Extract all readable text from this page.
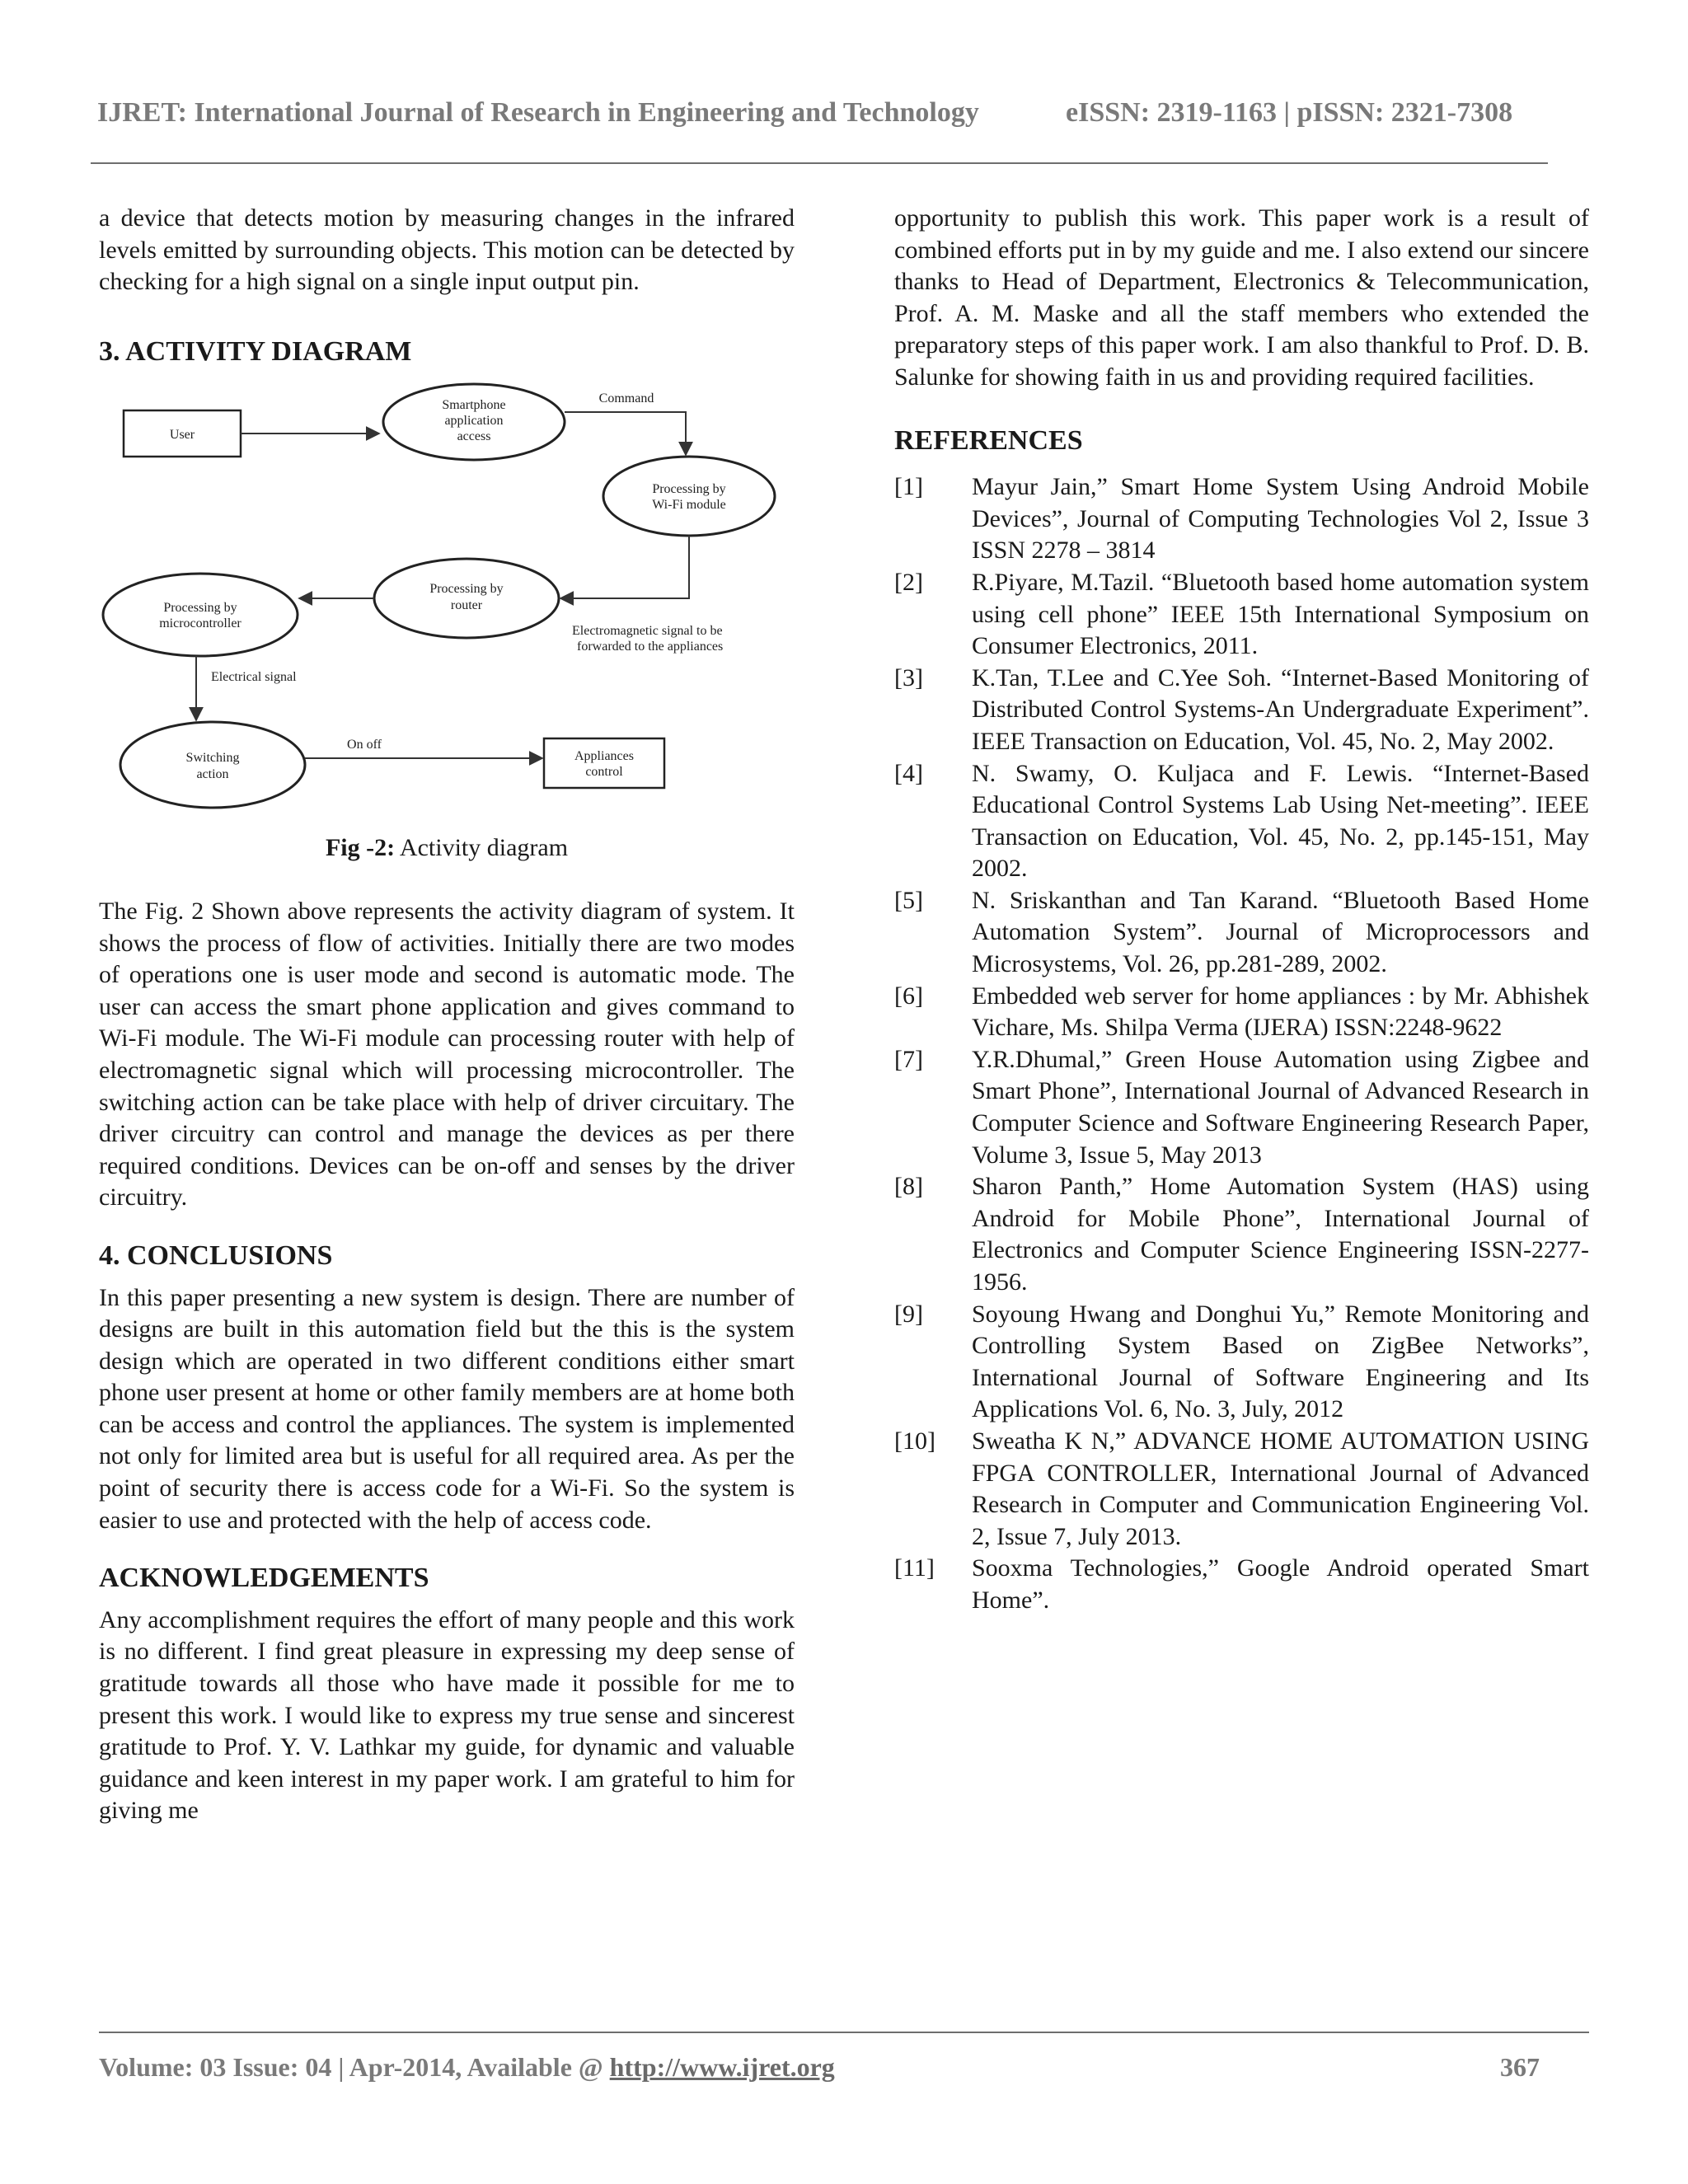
IJRET: International Journal of Research in Engineering and Technology	eISSN: 2319-1163 | pISSN: 2321-7308

a device that detects motion by measuring changes in the infrared levels emitted by surrounding objects. This motion can be detected by checking for a high signal on a single input output pin.

3. ACTIVITY DIAGRAM
User
Smartphone
application
access
Processing by
Wi-Fi module
Processing by
router
Processing by
microcontroller
Switching
action
Appliances
control
Command
Electromagnetic signal to be
forwarded to the appliances
Electrical signal
On off
Fig -2: Activity diagram

The Fig. 2 Shown above represents the activity diagram of system. It shows the process of flow of activities. Initially there are two modes of operations one is user mode and second is automatic mode. The user can access the smart phone application and gives command to Wi-Fi module. The Wi-Fi module can processing router with help of electromagnetic signal which will processing microcontroller. The switching action can be take place with help of driver circuitary. The driver circuitry can control and manage the devices as per there required conditions. Devices can be on-off and senses by the driver circuitry.

4. CONCLUSIONS

In this paper presenting a new system is design. There are number of designs are built in this automation field but the this is the system design which are operated in two different conditions either smart phone user present at home or other family members are at home both can be access and control the appliances. The system is implemented not only for limited area but is useful for all required area. As per the point of security there is access code for a Wi-Fi. So the system is easier to use and protected with the help of access code.

ACKNOWLEDGEMENTS

Any accomplishment requires the effort of many people and this work is no different. I find great pleasure in expressing my deep sense of gratitude towards all those who have made it possible for me to present this work. I would like to express my true sense and sincerest gratitude to Prof. Y. V. Lathkar my guide, for dynamic and valuable guidance and keen interest in my paper work. I am grateful to him for giving me

opportunity to publish this work. This paper work is a result of combined efforts put in by my guide and me. I also extend our sincere thanks to Head of Department, Electronics & Telecommunication, Prof. A. M. Maske and all the staff members who extended the preparatory steps of this paper work. I am also thankful to Prof. D. B. Salunke for showing faith in us and providing required facilities.

REFERENCES
[1]	Mayur Jain,” Smart Home System Using Android Mobile Devices”, Journal of Computing Technologies Vol 2, Issue 3 ISSN 2278 – 3814
[2]	R.Piyare, M.Tazil. “Bluetooth based home automation system using cell phone” IEEE 15th International Symposium on Consumer Electronics, 2011.
[3]	K.Tan, T.Lee and C.Yee Soh. “Internet-Based Monitoring of Distributed Control Systems-An Undergraduate Experiment”. IEEE Transaction on Education, Vol. 45, No. 2, May 2002.
[4]	N. Swamy, O. Kuljaca and F. Lewis. “Internet-Based Educational Control Systems Lab Using Net-meeting”. IEEE Transaction on Education, Vol. 45, No. 2, pp.145-151, May 2002.
[5]	N. Sriskanthan and Tan Karand. “Bluetooth Based Home Automation System”. Journal of Microprocessors and Microsystems, Vol. 26, pp.281-289, 2002.
[6]	Embedded web server for home appliances : by Mr. Abhishek Vichare, Ms. Shilpa Verma (IJERA) ISSN:2248-9622
[7]	Y.R.Dhumal,” Green House Automation using Zigbee and Smart Phone”, International Journal of Advanced Research in Computer Science and Software Engineering Research Paper, Volume 3, Issue 5, May 2013
[8]	Sharon Panth,” Home Automation System (HAS) using Android for Mobile Phone”, International Journal of Electronics and Computer Science Engineering ISSN-2277-1956.
[9]	Soyoung Hwang and Donghui Yu,” Remote Monitoring and Controlling System Based on ZigBee Networks”, International Journal of Software Engineering and Its Applications Vol. 6, No. 3, July, 2012
[10]	Sweatha K N,” ADVANCE HOME AUTOMATION USING FPGA CONTROLLER, International Journal of Advanced Research in Computer and Communication Engineering Vol. 2, Issue 7, July 2013.
[11]	Sooxma Technologies,” Google Android operated Smart Home”.
Volume: 03 Issue: 04 | Apr-2014, Available @ http://www.ijret.org	367
